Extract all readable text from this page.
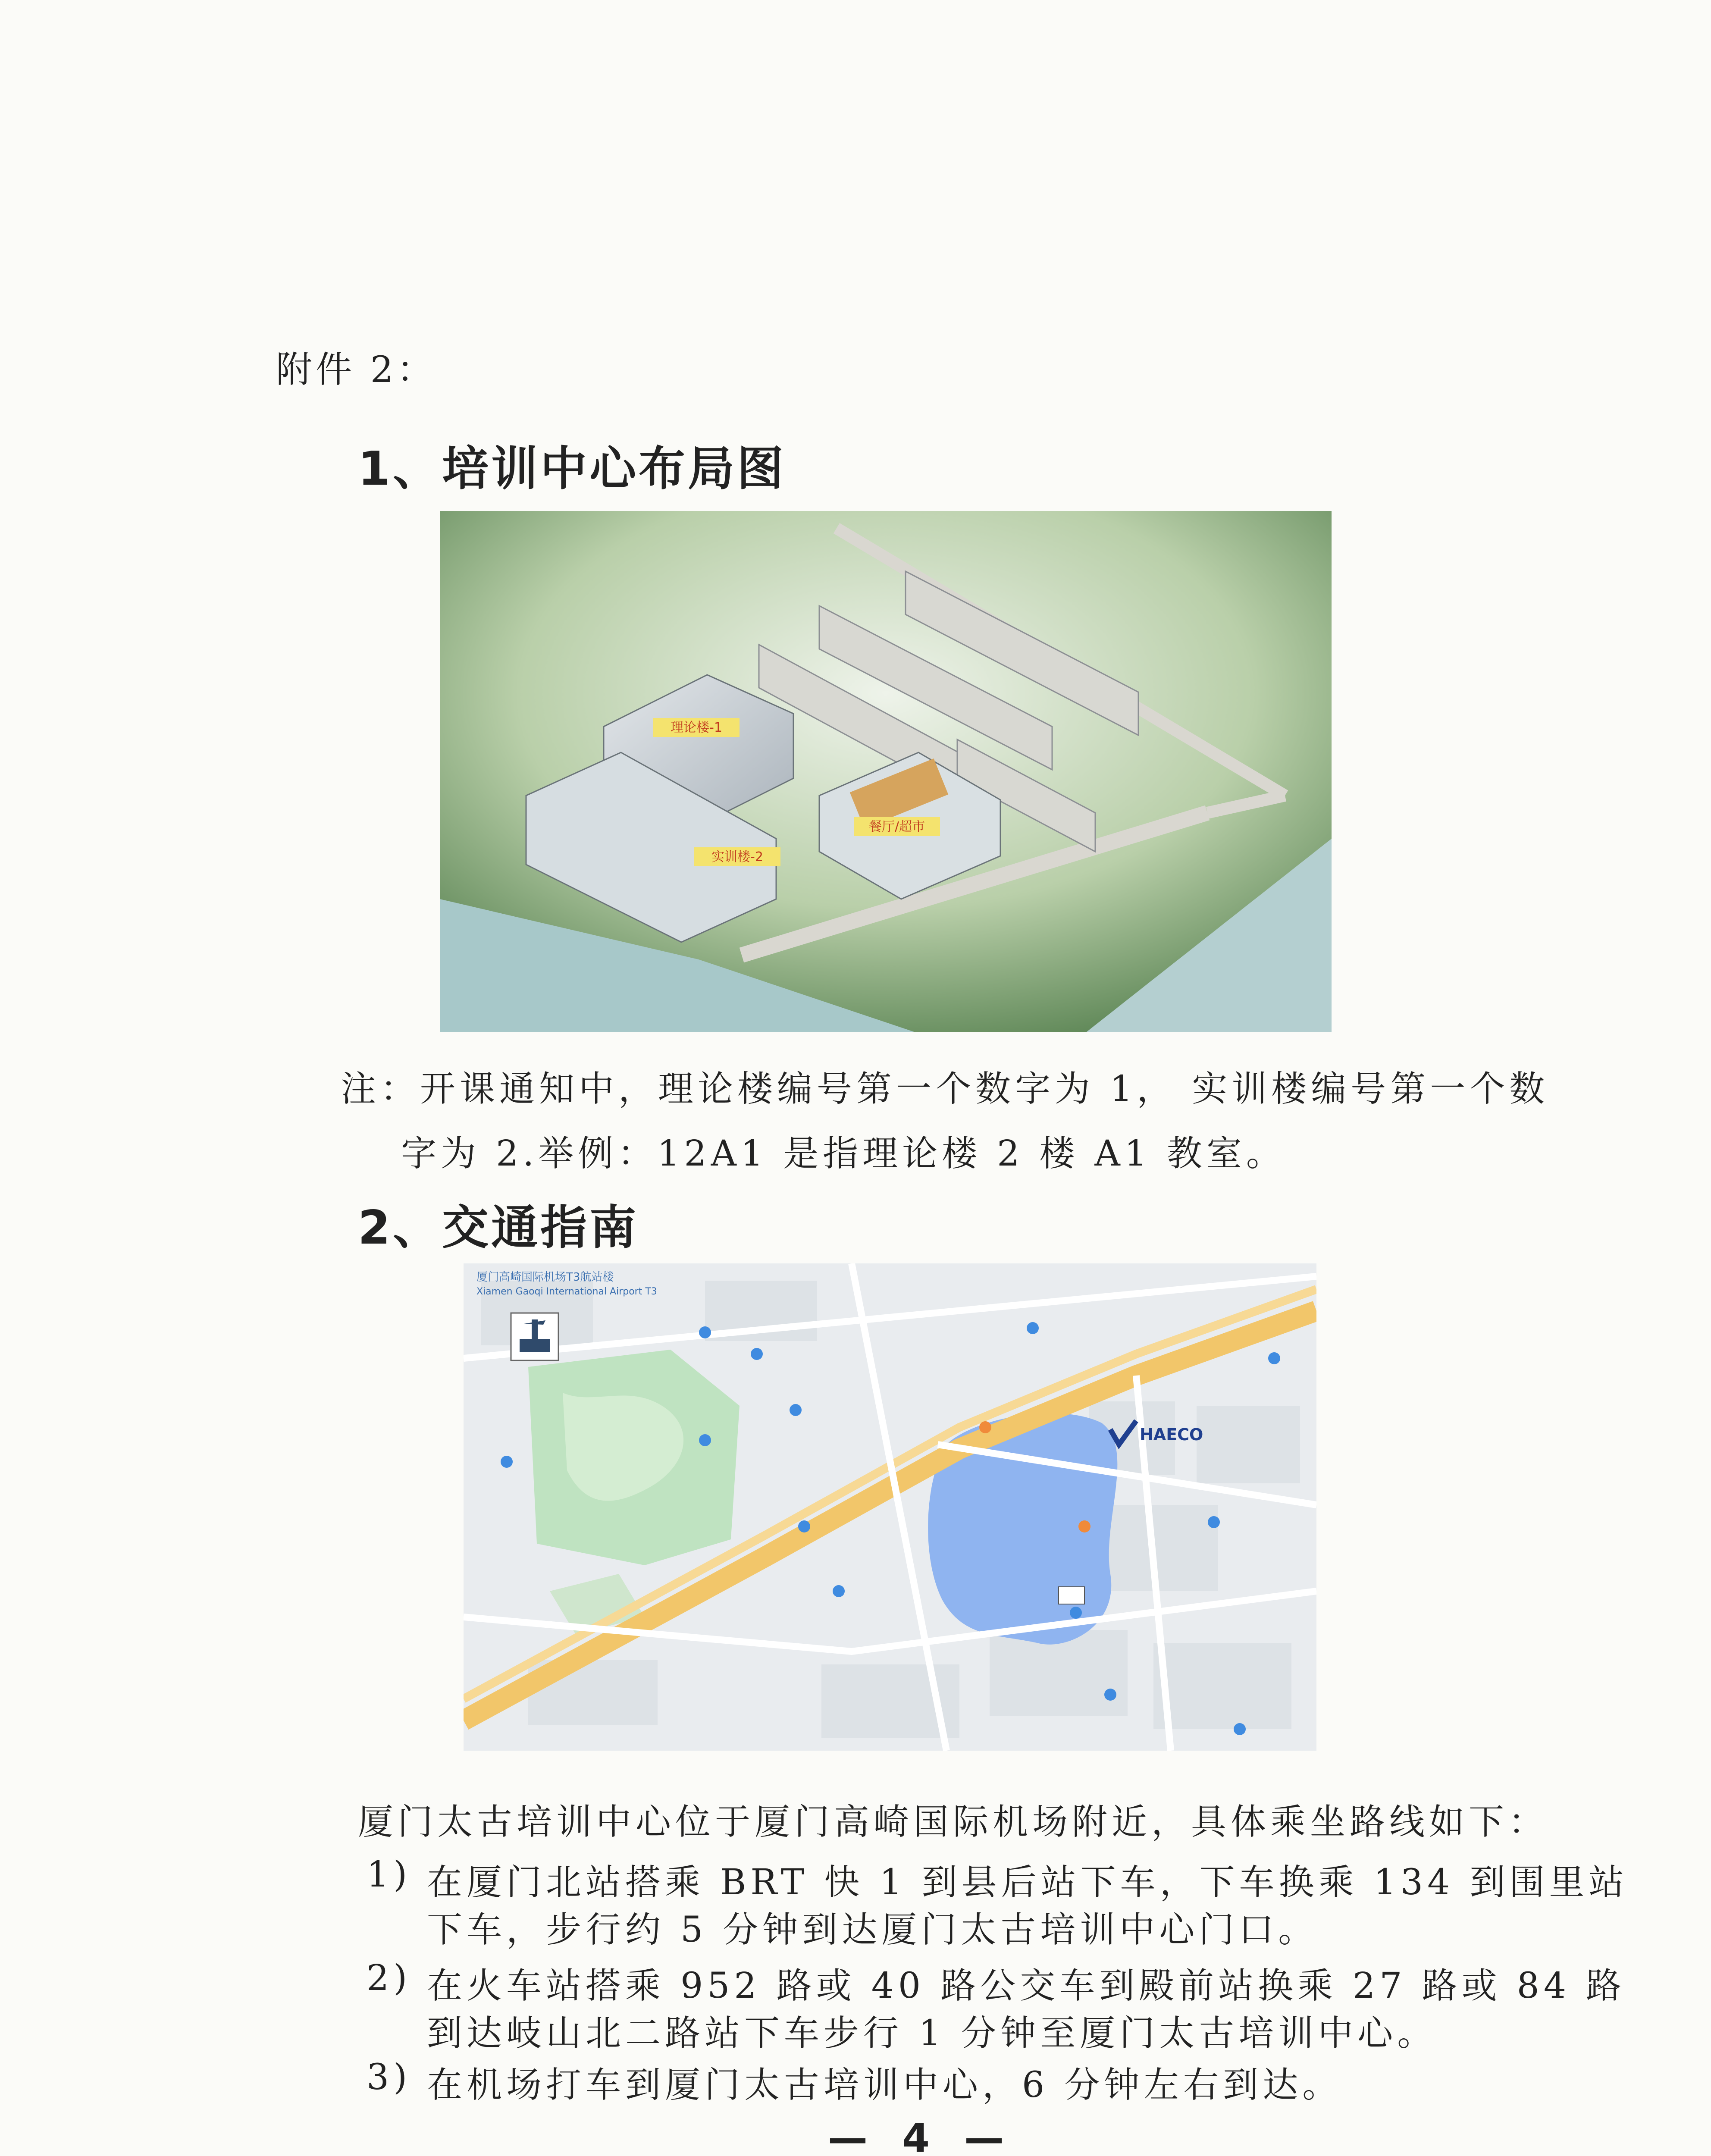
附件 2：
1、培训中心布局图
理论楼-1
实训楼-2
餐厅/超市
注：开课通知中，理论楼编号第一个数字为 1， 实训楼编号第一个数
字为 2.举例：12A1 是指理论楼 2 楼 A1 教室。
2、交通指南
厦门高崎国际机场T3航站楼
Xiamen Gaoqi International Airport T3
HAECO
厦门太古培训中心位于厦门高崎国际机场附近，具体乘坐路线如下：
1) 在厦门北站搭乘 BRT 快 1 到县后站下车，下车换乘 134 到围里站
下车，步行约 5 分钟到达厦门太古培训中心门口。
2) 在火车站搭乘 952 路或 40 路公交车到殿前站换乘 27 路或 84 路
到达岐山北二路站下车步行 1 分钟至厦门太古培训中心。
3) 在机场打车到厦门太古培训中心，6 分钟左右到达。
— 4 —
